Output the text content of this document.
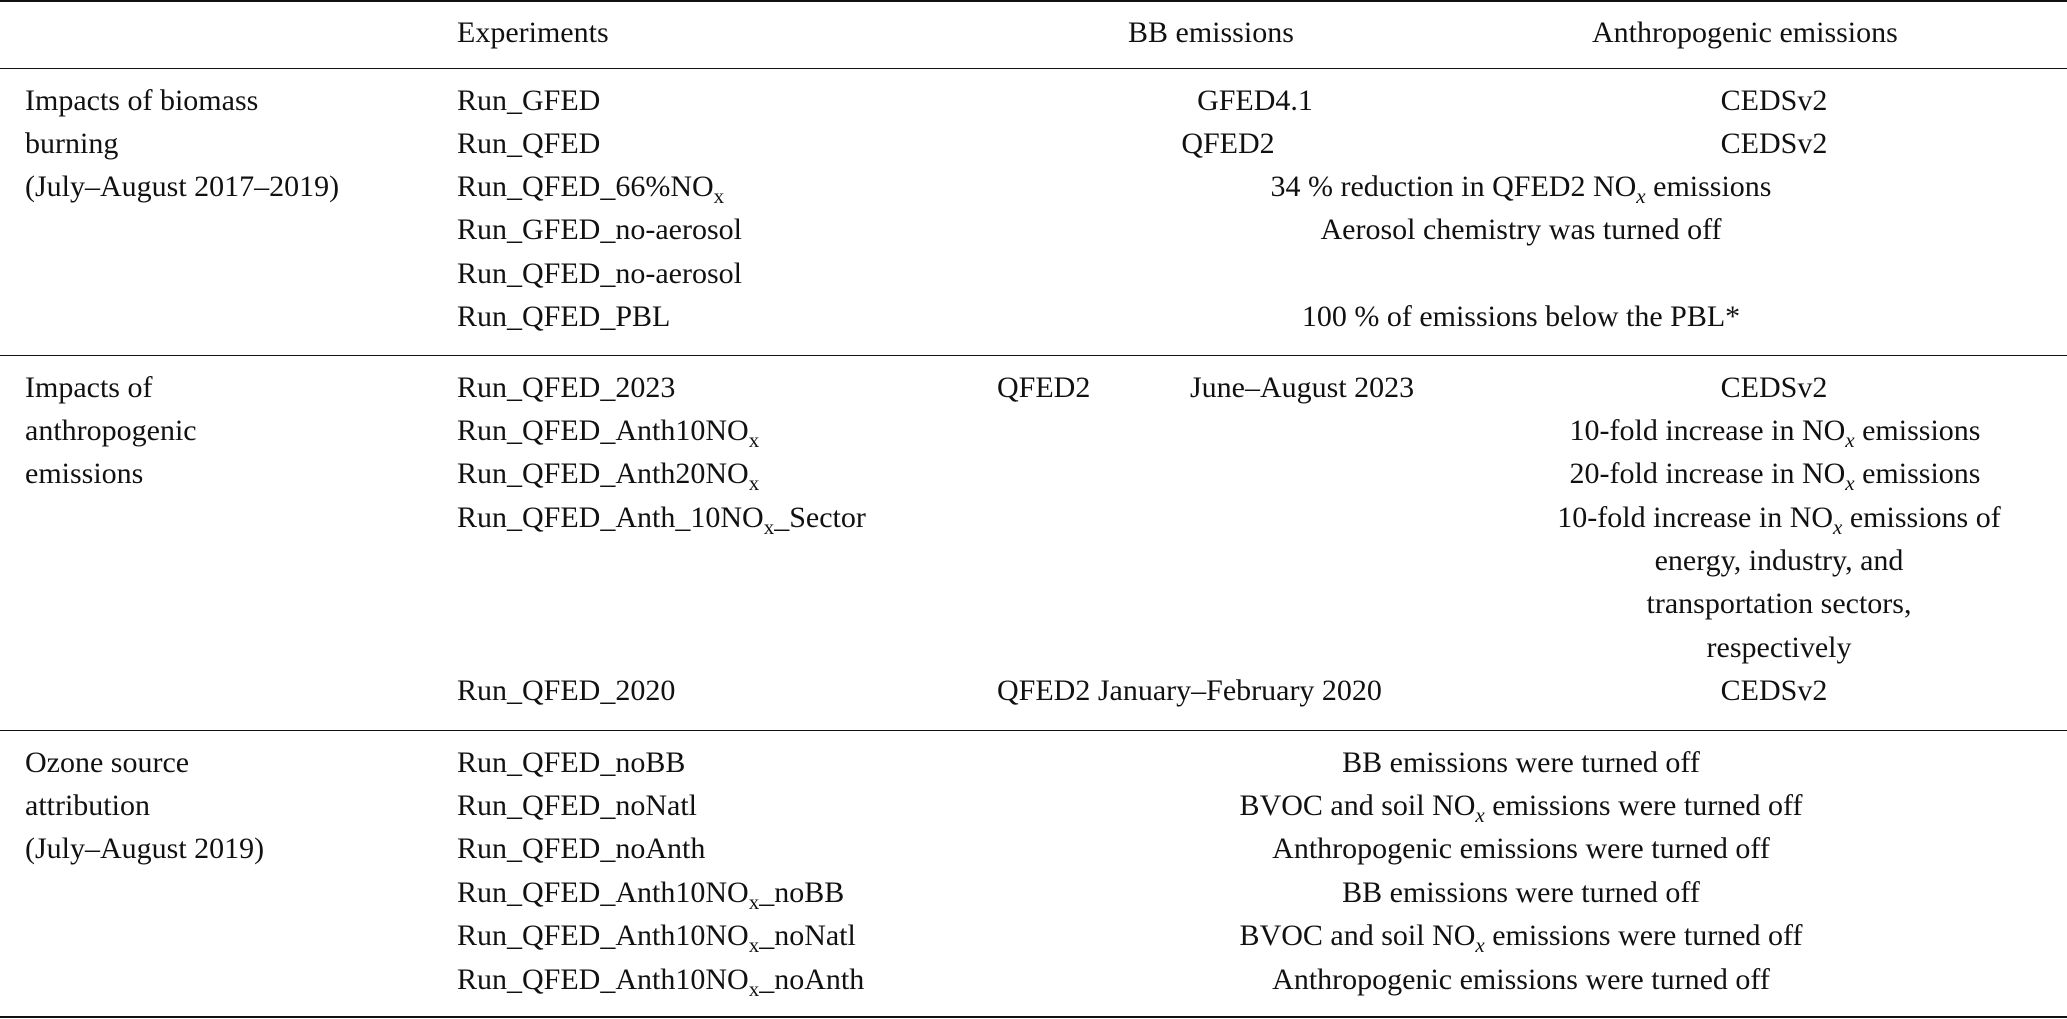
Experiments	BB emissions	Anthropogenic emissions
Impacts of biomass
burning
(July–August 2017–2019)
Run_GFED	GFED4.1	CEDSv2
Run_QFED	QFED2	CEDSv2
$Run\_QFED\_66\%NO_x$	34 % reduction in QFED2 $NO_x$ emissions
Run_GFED_no-aerosol	Aerosol chemistry was turned off
Run_QFED_no-aerosol
Run_QFED_PBL	100 % of emissions below the PBL*
Impacts of
anthropogenic
emissions
Run_QFED_2023	QFED2	June–August 2023	CEDSv2
$Run\_QFED\_Anth10NO_x$	10-fold increase in $NO_x$ emissions
$Run\_QFED\_Anth20NO_x$	20-fold increase in $NO_x$ emissions
$Run\_QFED\_Anth\_10NO_x\_Sector$	10-fold increase in $NO_x$ emissions of
energy, industry, and
transportation sectors,
respectively
Run_QFED_2020	QFED2 January–February 2020	CEDSv2
Ozone source
attribution
(July–August 2019)
Run_QFED_noBB	BB emissions were turned off
Run_QFED_noNatl	BVOC and soil $NO_x$ emissions were turned off
Run_QFED_noAnth	Anthropogenic emissions were turned off
$Run\_QFED\_Anth10NO_x\_noBB$	BB emissions were turned off
$Run\_QFED\_Anth10NO_x\_noNatl$	BVOC and soil $NO_x$ emissions were turned off
$Run\_QFED\_Anth10NO_x\_noAnth$	Anthropogenic emissions were turned off
